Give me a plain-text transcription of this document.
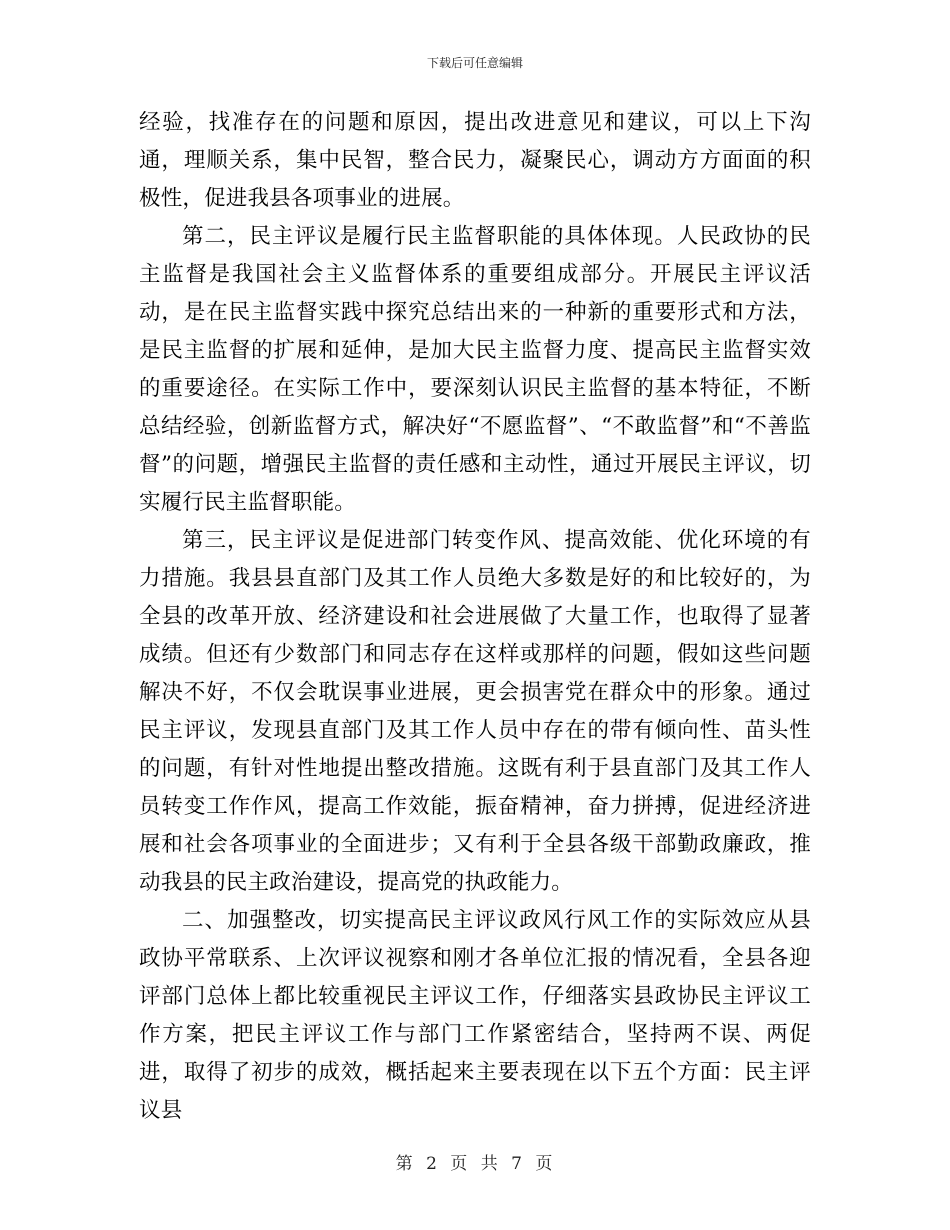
下载后可任意编辑

经验，找准存在的问题和原因，提出改进意见和建议，可以上下沟通，理顺关系，集中民智，整合民力，凝聚民心，调动方方面面的积极性，促进我县各项事业的进展。

第二，民主评议是履行民主监督职能的具体体现。人民政协的民主监督是我国社会主义监督体系的重要组成部分。开展民主评议活动，是在民主监督实践中探究总结出来的一种新的重要形式和方法，是民主监督的扩展和延伸，是加大民主监督力度、提高民主监督实效的重要途径。在实际工作中，要深刻认识民主监督的基本特征，不断总结经验，创新监督方式，解决好“不愿监督”、“不敢监督”和“不善监督”的问题，增强民主监督的责任感和主动性，通过开展民主评议，切实履行民主监督职能。

第三，民主评议是促进部门转变作风、提高效能、优化环境的有力措施。我县县直部门及其工作人员绝大多数是好的和比较好的，为全县的改革开放、经济建设和社会进展做了大量工作，也取得了显著成绩。但还有少数部门和同志存在这样或那样的问题，假如这些问题解决不好，不仅会耽误事业进展，更会损害党在群众中的形象。通过民主评议，发现县直部门及其工作人员中存在的带有倾向性、苗头性的问题，有针对性地提出整改措施。这既有利于县直部门及其工作人员转变工作作风，提高工作效能，振奋精神，奋力拼搏，促进经济进展和社会各项事业的全面进步；又有利于全县各级干部勤政廉政，推动我县的民主政治建设，提高党的执政能力。

二、加强整改，切实提高民主评议政风行风工作的实际效应从县政协平常联系、上次评议视察和刚才各单位汇报的情况看，全县各迎评部门总体上都比较重视民主评议工作，仔细落实县政协民主评议工作方案，把民主评议工作与部门工作紧密结合，坚持两不误、两促进，取得了初步的成效，概括起来主要表现在以下五个方面：民主评议县

第 2 页 共 7 页
